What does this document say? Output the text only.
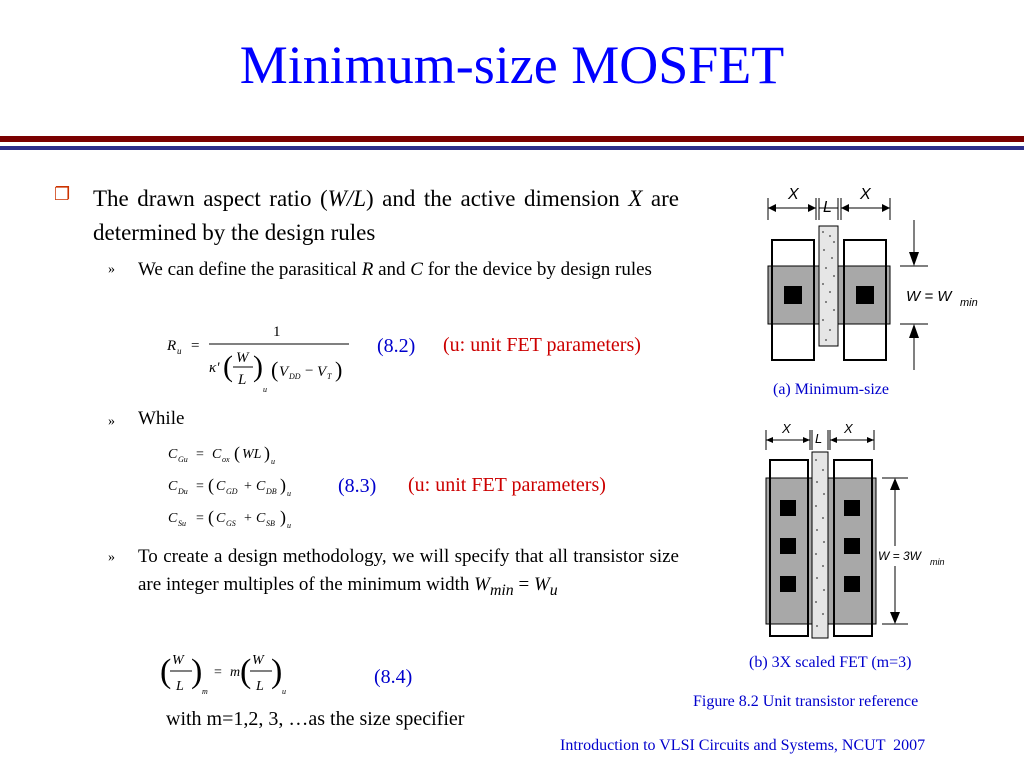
Minimum-size MOSFET
❐ The drawn aspect ratio (W/L) and the active dimension X are determined by the design rules
» We can define the parasitical R and C for the device by design rules
R u =
1
κ' ( W
L )
u
( V DD − V T )
(8.2) (u: unit FET parameters)
» While
C Gu = C ox ( WL ) u
C Du = ( C GD + C DB ) u
C Su = ( C GS + C SB ) u
(8.3) (u: unit FET parameters)
» To create a design methodology, we will specify that all transistor size are integer multiples of the minimum width $W_{min} = W_u$
( W
L )
m
= m ( W
L )
u
(8.4)
with m=1,2, 3, …as the size specifier
X
L
X
W = W min
(a) Minimum-size
X
L
X
W = 3W min
(b) 3X scaled FET (m=3)
Figure 8.2 Unit transistor reference
Introduction to VLSI Circuits and Systems, NCUT  2007
